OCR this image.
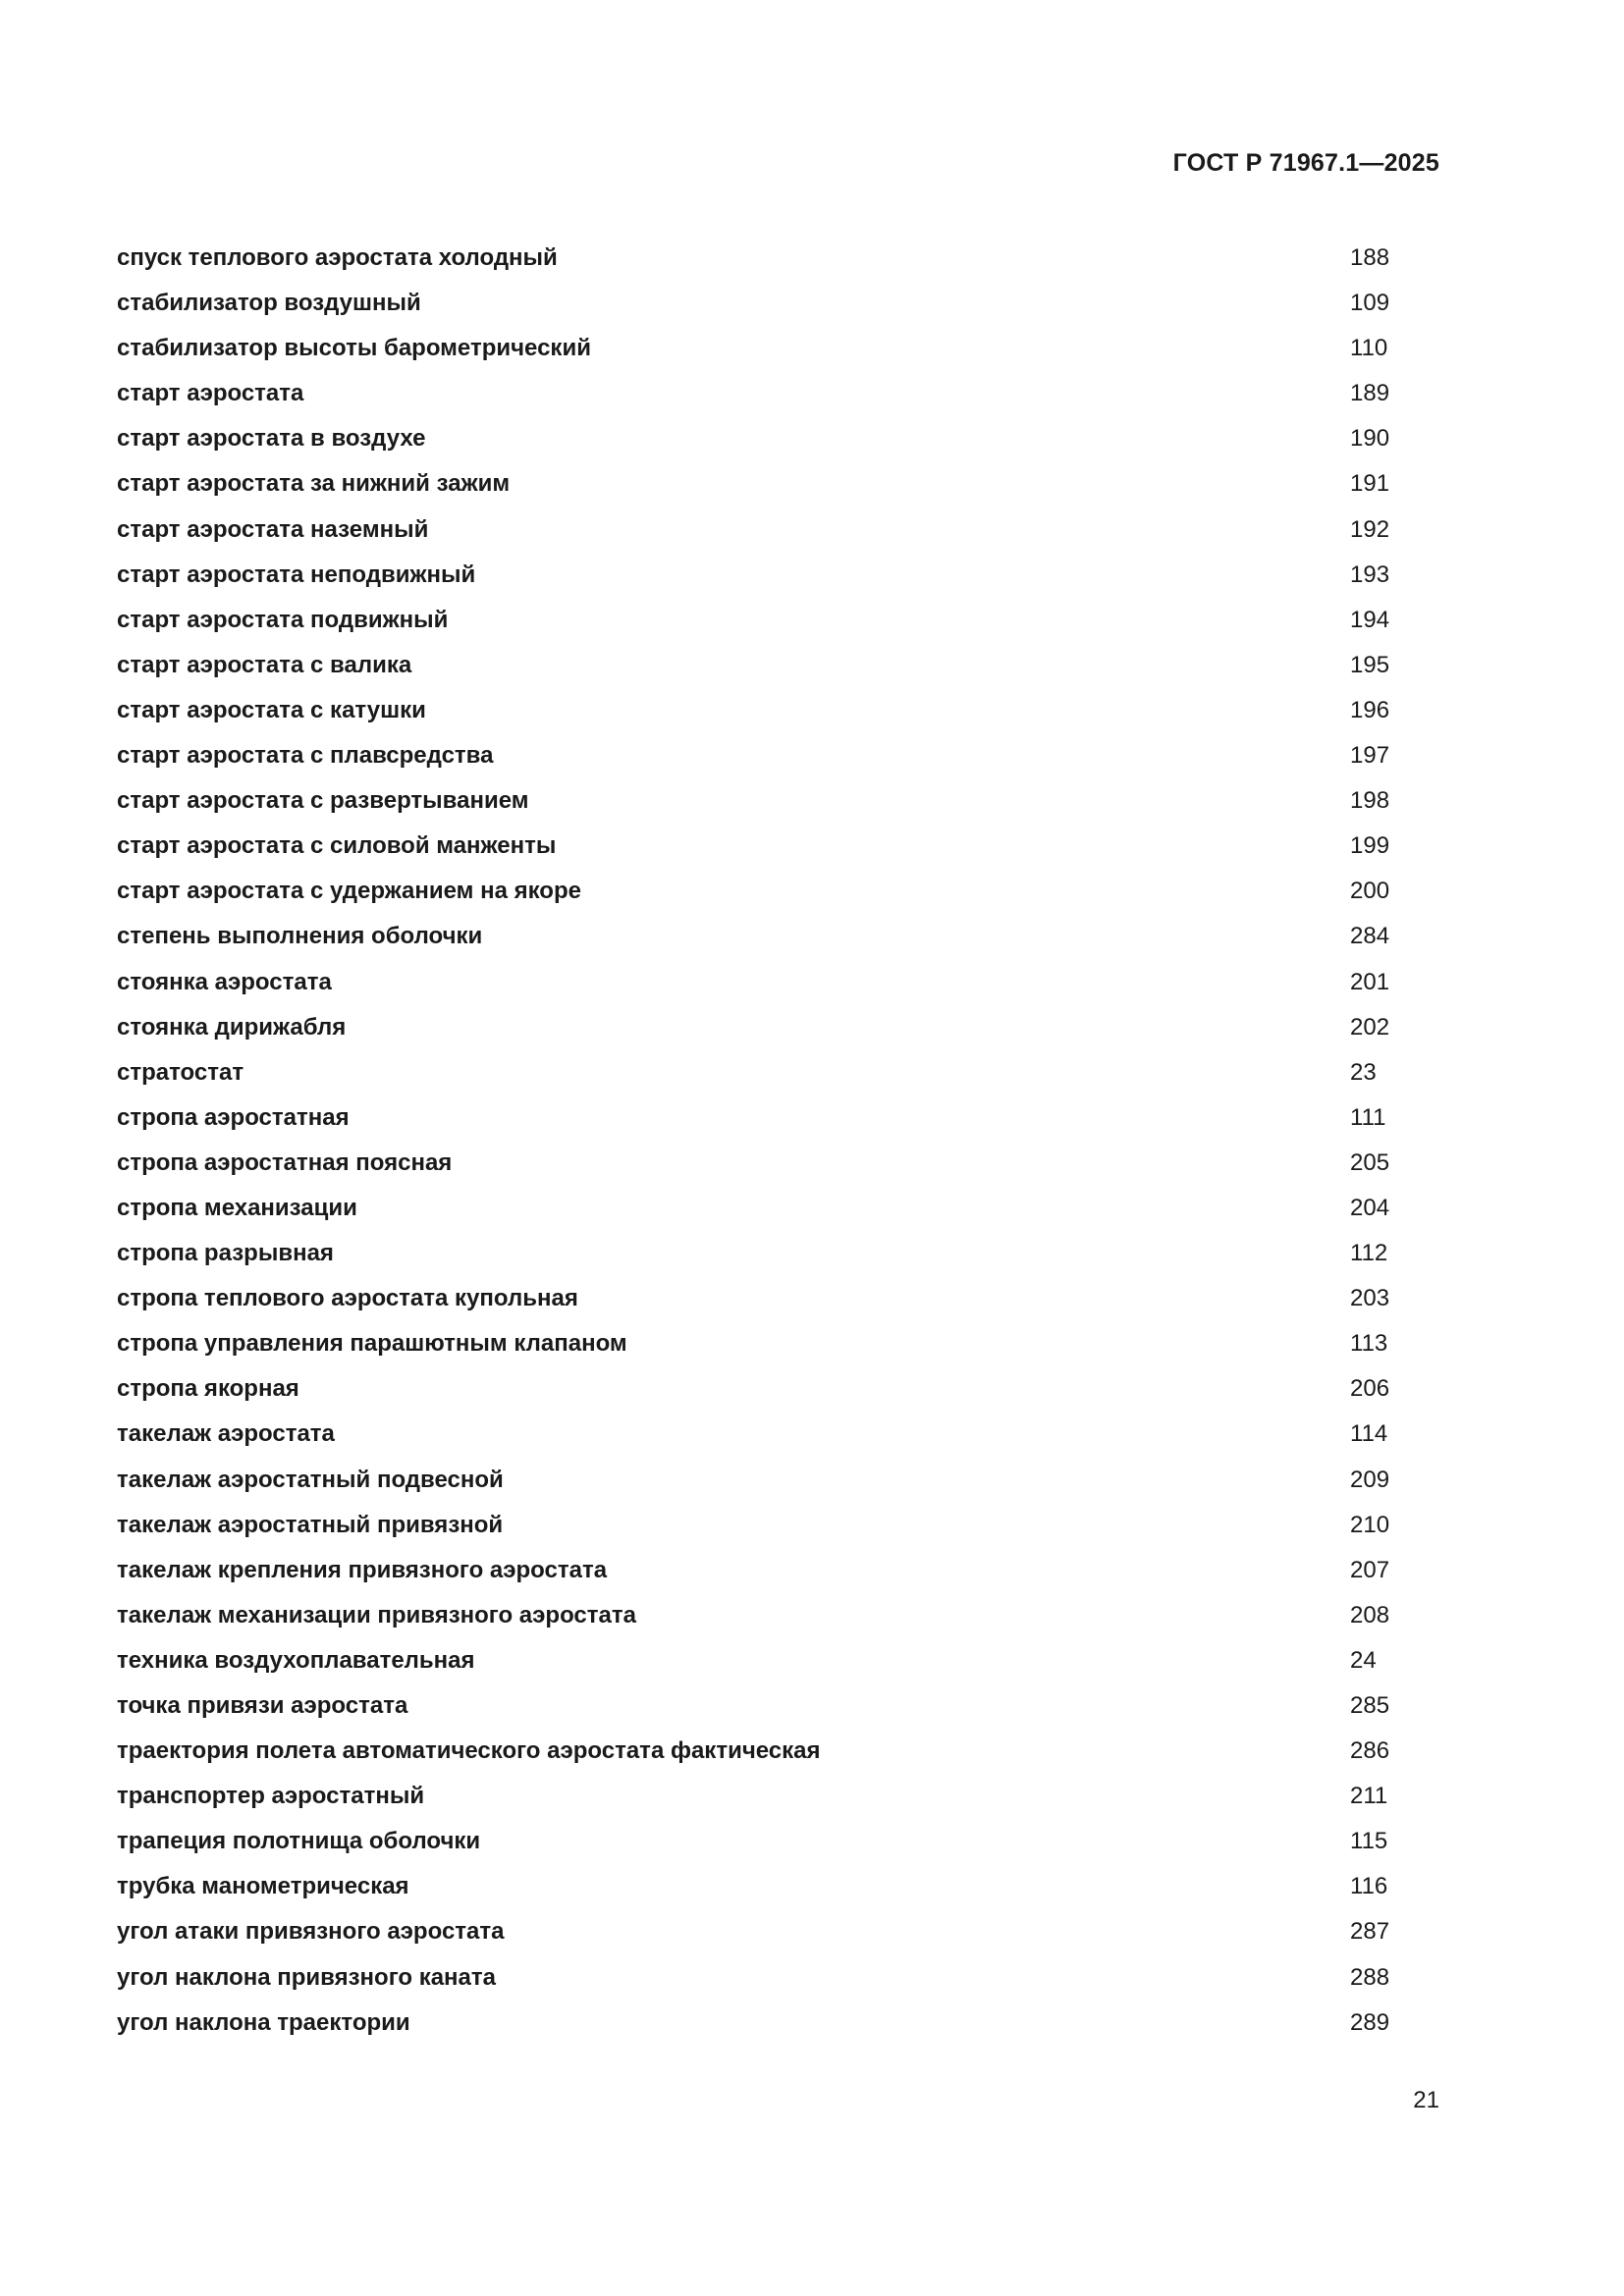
ГОСТ Р 71967.1—2025
спуск теплового аэростата холодный	188
стабилизатор воздушный	109
стабилизатор высоты барометрический	110
старт аэростата	189
старт аэростата в воздухе	190
старт аэростата за нижний зажим	191
старт аэростата наземный	192
старт аэростата неподвижный	193
старт аэростата подвижный	194
старт аэростата с валика	195
старт аэростата с катушки	196
старт аэростата с плавсредства	197
старт аэростата с развертыванием	198
старт аэростата с силовой манженты	199
старт аэростата с удержанием на якоре	200
степень выполнения оболочки	284
стоянка аэростата	201
стоянка дирижабля	202
стратостат	23
стропа аэростатная	111
стропа аэростатная поясная	205
стропа механизации	204
стропа разрывная	112
стропа теплового аэростата купольная	203
стропа управления парашютным клапаном	113
стропа якорная	206
такелаж аэростата	114
такелаж аэростатный подвесной	209
такелаж аэростатный привязной	210
такелаж крепления привязного аэростата	207
такелаж механизации привязного аэростата	208
техника воздухоплавательная	24
точка привязи аэростата	285
траектория полета автоматического аэростата фактическая	286
транспортер аэростатный	211
трапеция полотнища оболочки	115
трубка манометрическая	116
угол атаки привязного аэростата	287
угол наклона привязного каната	288
угол наклона траектории	289
21
